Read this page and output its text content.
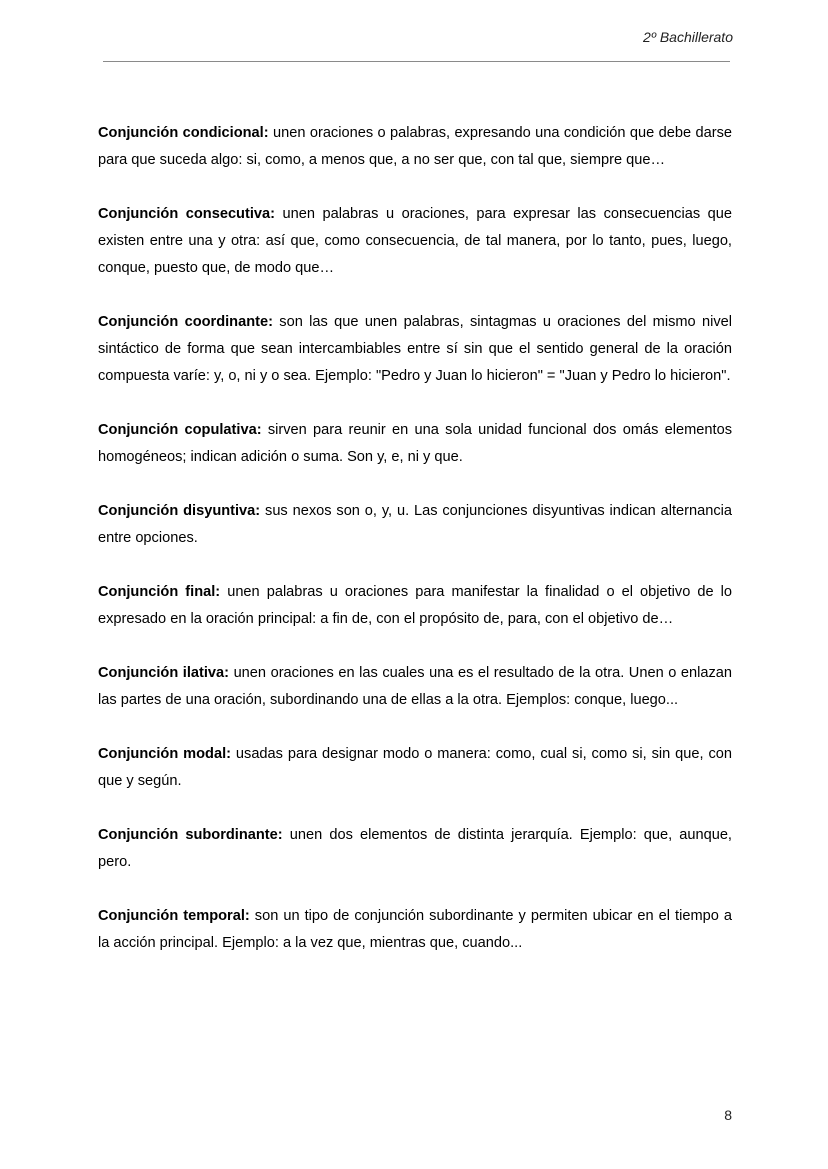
2º Bachillerato

Conjunción condicional: unen oraciones o palabras, expresando una condición que debe darse para que suceda algo: si, como, a menos que, a no ser que, con tal que, siempre que…

Conjunción consecutiva: unen palabras u oraciones, para expresar las consecuencias que existen entre una y otra: así que, como consecuencia, de tal manera, por lo tanto, pues, luego, conque, puesto que, de modo que…

Conjunción coordinante: son las que unen palabras, sintagmas u oraciones del mismo nivel sintáctico de forma que sean intercambiables entre sí sin que el sentido general de la oración compuesta varíe: y, o, ni y o sea. Ejemplo: "Pedro y Juan lo hicieron" = "Juan y Pedro lo hicieron".

Conjunción copulativa: sirven para reunir en una sola unidad funcional dos omás elementos homogéneos; indican adición o suma. Son y, e, ni y que.

Conjunción disyuntiva: sus nexos son o, y, u. Las conjunciones disyuntivas indican alternancia entre opciones.

Conjunción final: unen palabras u oraciones para manifestar la finalidad o el objetivo de lo expresado en la oración principal: a fin de, con el propósito de, para, con el objetivo de…

Conjunción ilativa: unen oraciones en las cuales una es el resultado de la otra. Unen o enlazan las partes de una oración, subordinando una de ellas a la otra. Ejemplos: conque, luego...

Conjunción modal: usadas para designar modo o manera: como, cual si, como si, sin que, con que y según.

Conjunción subordinante: unen dos elementos de distinta jerarquía. Ejemplo: que, aunque, pero.

Conjunción temporal: son un tipo de conjunción subordinante y permiten ubicar en el tiempo a la acción principal. Ejemplo: a la vez que, mientras que, cuando...

8
